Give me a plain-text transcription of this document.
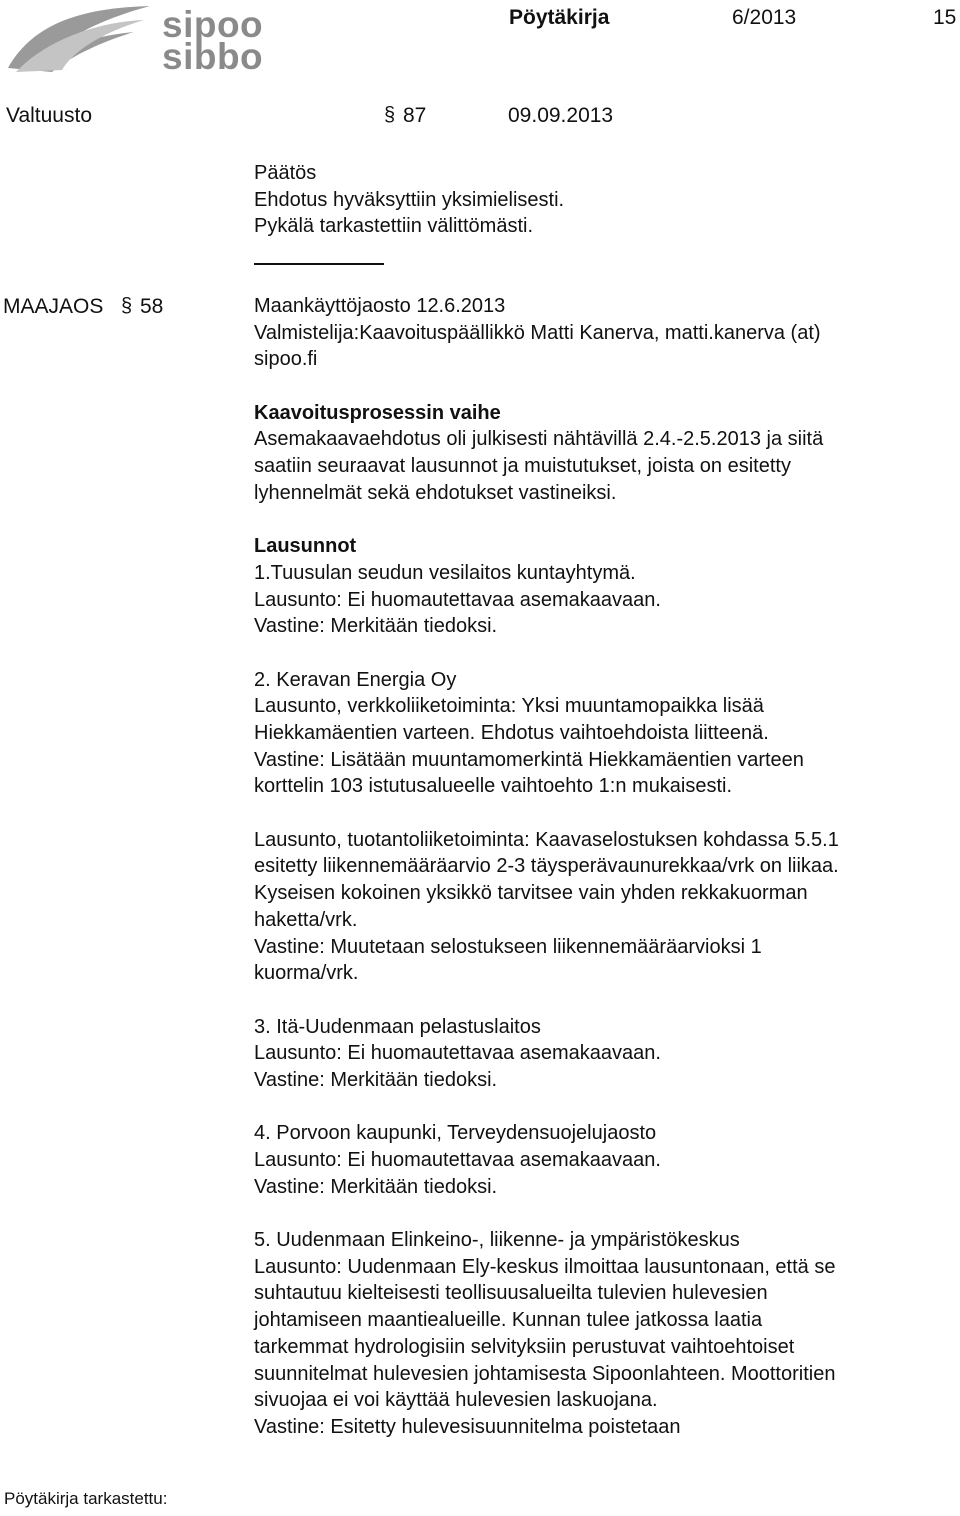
sipoo
sibbo
Pöytäkirja	6/2013	15
Valtuusto	§ 87	09.09.2013
Päätös
Ehdotus hyväksyttiin yksimielisesti.
Pykälä tarkastettiin välittömästi.
MAAJAOS § 58	Maankäyttöjaosto 12.6.2013
Valmistelija:Kaavoituspäällikkö Matti Kanerva, matti.kanerva (at)
sipoo.fi
Kaavoitusprosessin vaihe
Asemakaavaehdotus oli julkisesti nähtävillä 2.4.-2.5.2013 ja siitä
saatiin seuraavat lausunnot ja muistutukset, joista on esitetty
lyhennelmät sekä ehdotukset vastineiksi.
Lausunnot
1.Tuusulan seudun vesilaitos kuntayhtymä.
Lausunto: Ei huomautettavaa asemakaavaan.
Vastine: Merkitään tiedoksi.
2. Keravan Energia Oy
Lausunto, verkkoliiketoiminta: Yksi muuntamopaikka lisää
Hiekkamäentien varteen. Ehdotus vaihtoehdoista liitteenä.
Vastine: Lisätään muuntamomerkintä Hiekkamäentien varteen
korttelin 103 istutusalueelle vaihtoehto 1:n mukaisesti.
Lausunto, tuotantoliiketoiminta: Kaavaselostuksen kohdassa 5.5.1
esitetty liikennemääräarvio 2-3 täysperävaunurekkaa/vrk on liikaa.
Kyseisen kokoinen yksikkö tarvitsee vain yhden rekkakuorman
haketta/vrk.
Vastine: Muutetaan selostukseen liikennemääräarvioksi 1
kuorma/vrk.
3. Itä-Uudenmaan pelastuslaitos
Lausunto: Ei huomautettavaa asemakaavaan.
Vastine: Merkitään tiedoksi.
4. Porvoon kaupunki, Terveydensuojelujaosto
Lausunto: Ei huomautettavaa asemakaavaan.
Vastine: Merkitään tiedoksi.
5. Uudenmaan Elinkeino-, liikenne- ja ympäristökeskus
Lausunto: Uudenmaan Ely-keskus ilmoittaa lausuntonaan, että se
suhtautuu kielteisesti teollisuusalueilta tulevien hulevesien
johtamiseen maantiealueille. Kunnan tulee jatkossa laatia
tarkemmat hydrologisiin selvityksiin perustuvat vaihtoehtoiset
suunnitelmat hulevesien johtamisesta Sipoonlahteen. Moottoritien
sivuojaa ei voi käyttää hulevesien laskuojana.
Vastine: Esitetty hulevesisuunnitelma poistetaan
Pöytäkirja tarkastettu:
